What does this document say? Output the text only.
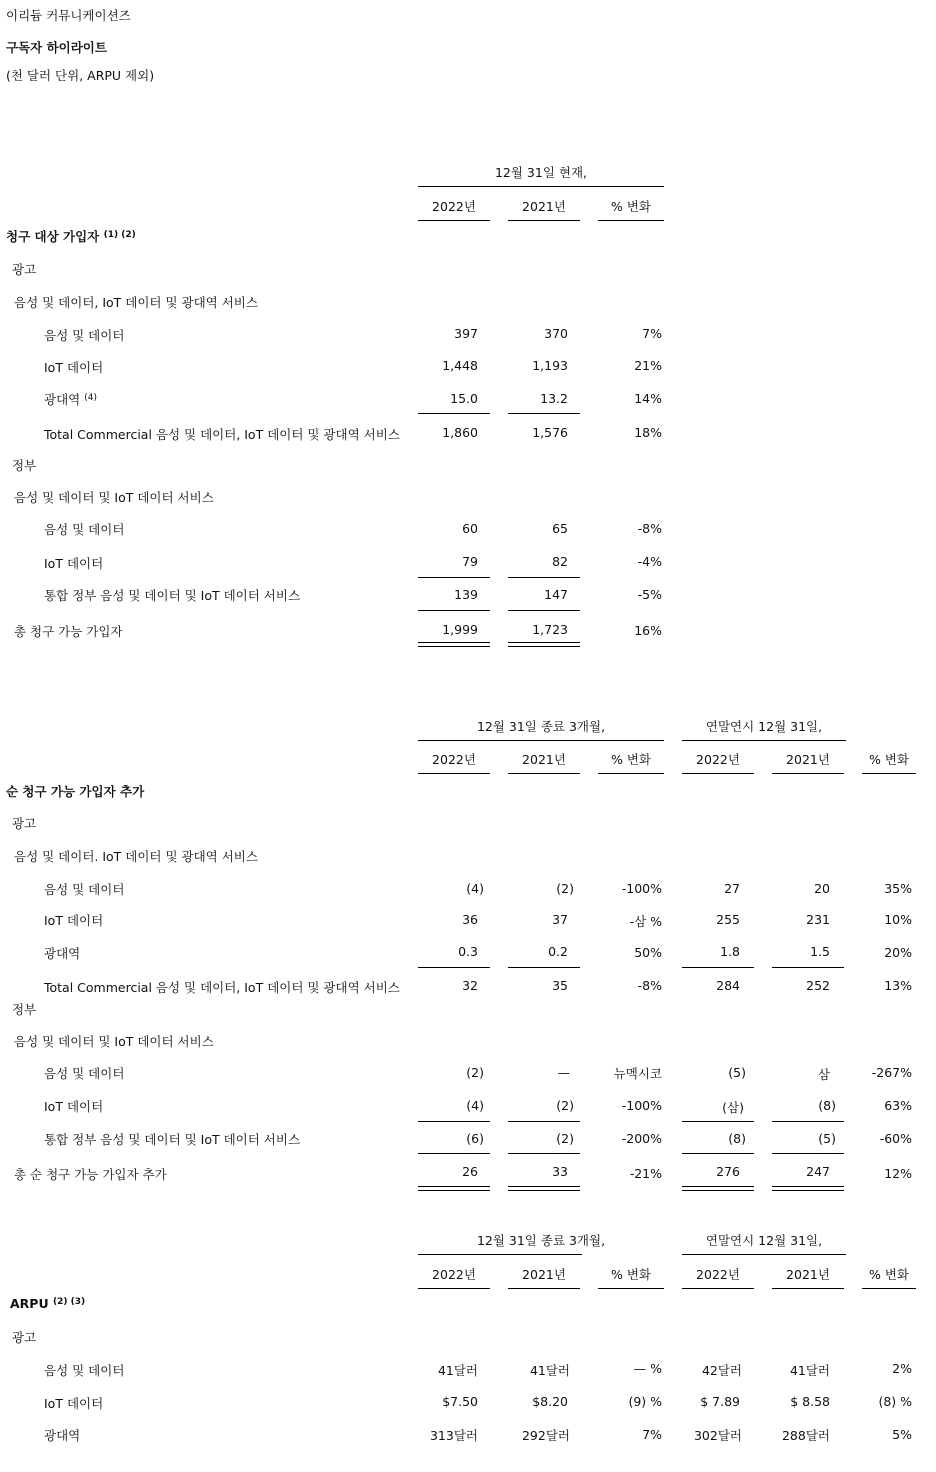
이리듐 커뮤니케이션즈
구독자 하이라이트
(천 달러 단위, ARPU 제외)
12월 31일 현재,
2022년	2021년	% 변화
청구 대상 가입자 $^{(1) (2)}$
광고
음성 및 데이터, IoT 데이터 및 광대역 서비스
음성 및 데이터	397	370	7%
IoT 데이터	1,448	1,193	21%
광대역 $^{(4)}$	15.0	13.2	14%
Total Commercial 음성 및 데이터, IoT 데이터 및 광대역 서비스	1,860	1,576	18%
정부
음성 및 데이터 및 IoT 데이터 서비스
음성 및 데이터	60	65	-8%
IoT 데이터	79	82	-4%
통합 정부 음성 및 데이터 및 IoT 데이터 서비스	139	147	-5%
총 청구 가능 가입자	1,999	1,723	16%
12월 31일 종료 3개월,	연말연시 12월 31일,
2022년	2021년	% 변화	2022년	2021년	% 변화
순 청구 가능 가입자 추가
광고
음성 및 데이터. IoT 데이터 및 광대역 서비스
음성 및 데이터	(4)	(2)	-100%	27	20	35%
IoT 데이터	36	37	-삼 %	255	231	10%
광대역	0.3	0.2	50%	1.8	1.5	20%
Total Commercial 음성 및 데이터, IoT 데이터 및 광대역 서비스	32	35	-8%	284	252	13%
정부
음성 및 데이터 및 IoT 데이터 서비스
음성 및 데이터	(2)	—	뉴멕시코	(5)	삼	-267%
IoT 데이터	(4)	(2)	-100%	(삼)	(8)	63%
통합 정부 음성 및 데이터 및 IoT 데이터 서비스	(6)	(2)	-200%	(8)	(5)	-60%
총 순 청구 가능 가입자 추가	26	33	-21%	276	247	12%
12월 31일 종료 3개월,	연말연시 12월 31일,
2022년	2021년	% 변화	2022년	2021년	% 변화
ARPU $^{(2) (3)}$
광고
음성 및 데이터	41달러	41달러	— %	42달러	41달러	2%
IoT 데이터	$7.50	$8.20	(9) %	$ 7.89	$ 8.58	(8) %
광대역	313달러	292달러	7%	302달러	288달러	5%
